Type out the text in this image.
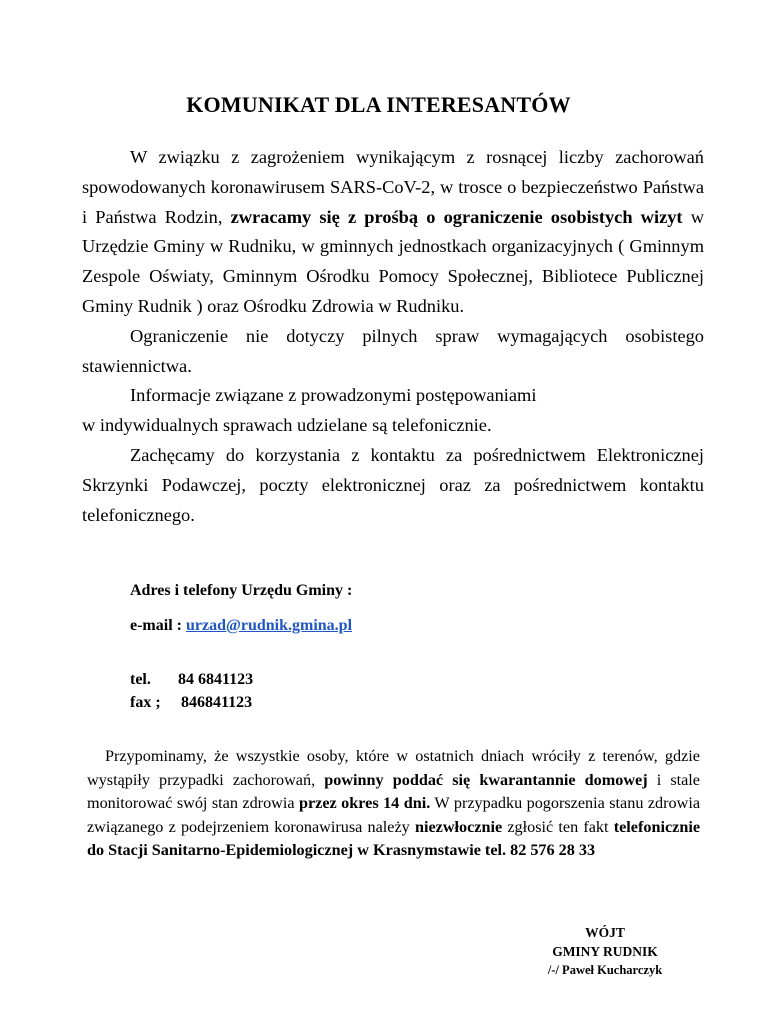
KOMUNIKAT DLA INTERESANTÓW

W związku z zagrożeniem wynikającym z rosnącej liczby zachorowań spowodowanych koronawirusem SARS-CoV-2, w trosce o bezpieczeństwo Państwa i Państwa Rodzin, zwracamy się z prośbą o ograniczenie osobistych wizyt w Urzędzie Gminy w Rudniku, w gminnych jednostkach organizacyjnych ( Gminnym Zespole Oświaty, Gminnym Ośrodku Pomocy Społecznej, Bibliotece Publicznej Gminy Rudnik ) oraz Ośrodku Zdrowia w Rudniku.

Ograniczenie nie dotyczy pilnych spraw wymagających osobistego stawiennictwa.

Informacje związane z prowadzonymi postępowaniami

w indywidualnych sprawach udzielane są telefonicznie.

Zachęcamy do korzystania z kontaktu za pośrednictwem Elektronicznej Skrzynki Podawczej, poczty elektronicznej oraz za pośrednictwem kontaktu telefonicznego.

Adres i telefony Urzędu Gminy :
e-mail : urzad@rudnik.gmina.pl
tel. 84 6841123
fax ; 846841123

Przypominamy, że wszystkie osoby, które w ostatnich dniach wróciły z terenów, gdzie wystąpiły przypadki zachorowań, powinny poddać się kwarantannie domowej i stale monitorować swój stan zdrowia przez okres 14 dni. W przypadku pogorszenia stanu zdrowia związanego z podejrzeniem koronawirusa należy niezwłocznie zgłosić ten fakt telefonicznie do Stacji Sanitarno-Epidemiologicznej w Krasnymstawie tel. 82 576 28 33

WÓJT
GMINY RUDNIK
/-/ Paweł Kucharczyk
